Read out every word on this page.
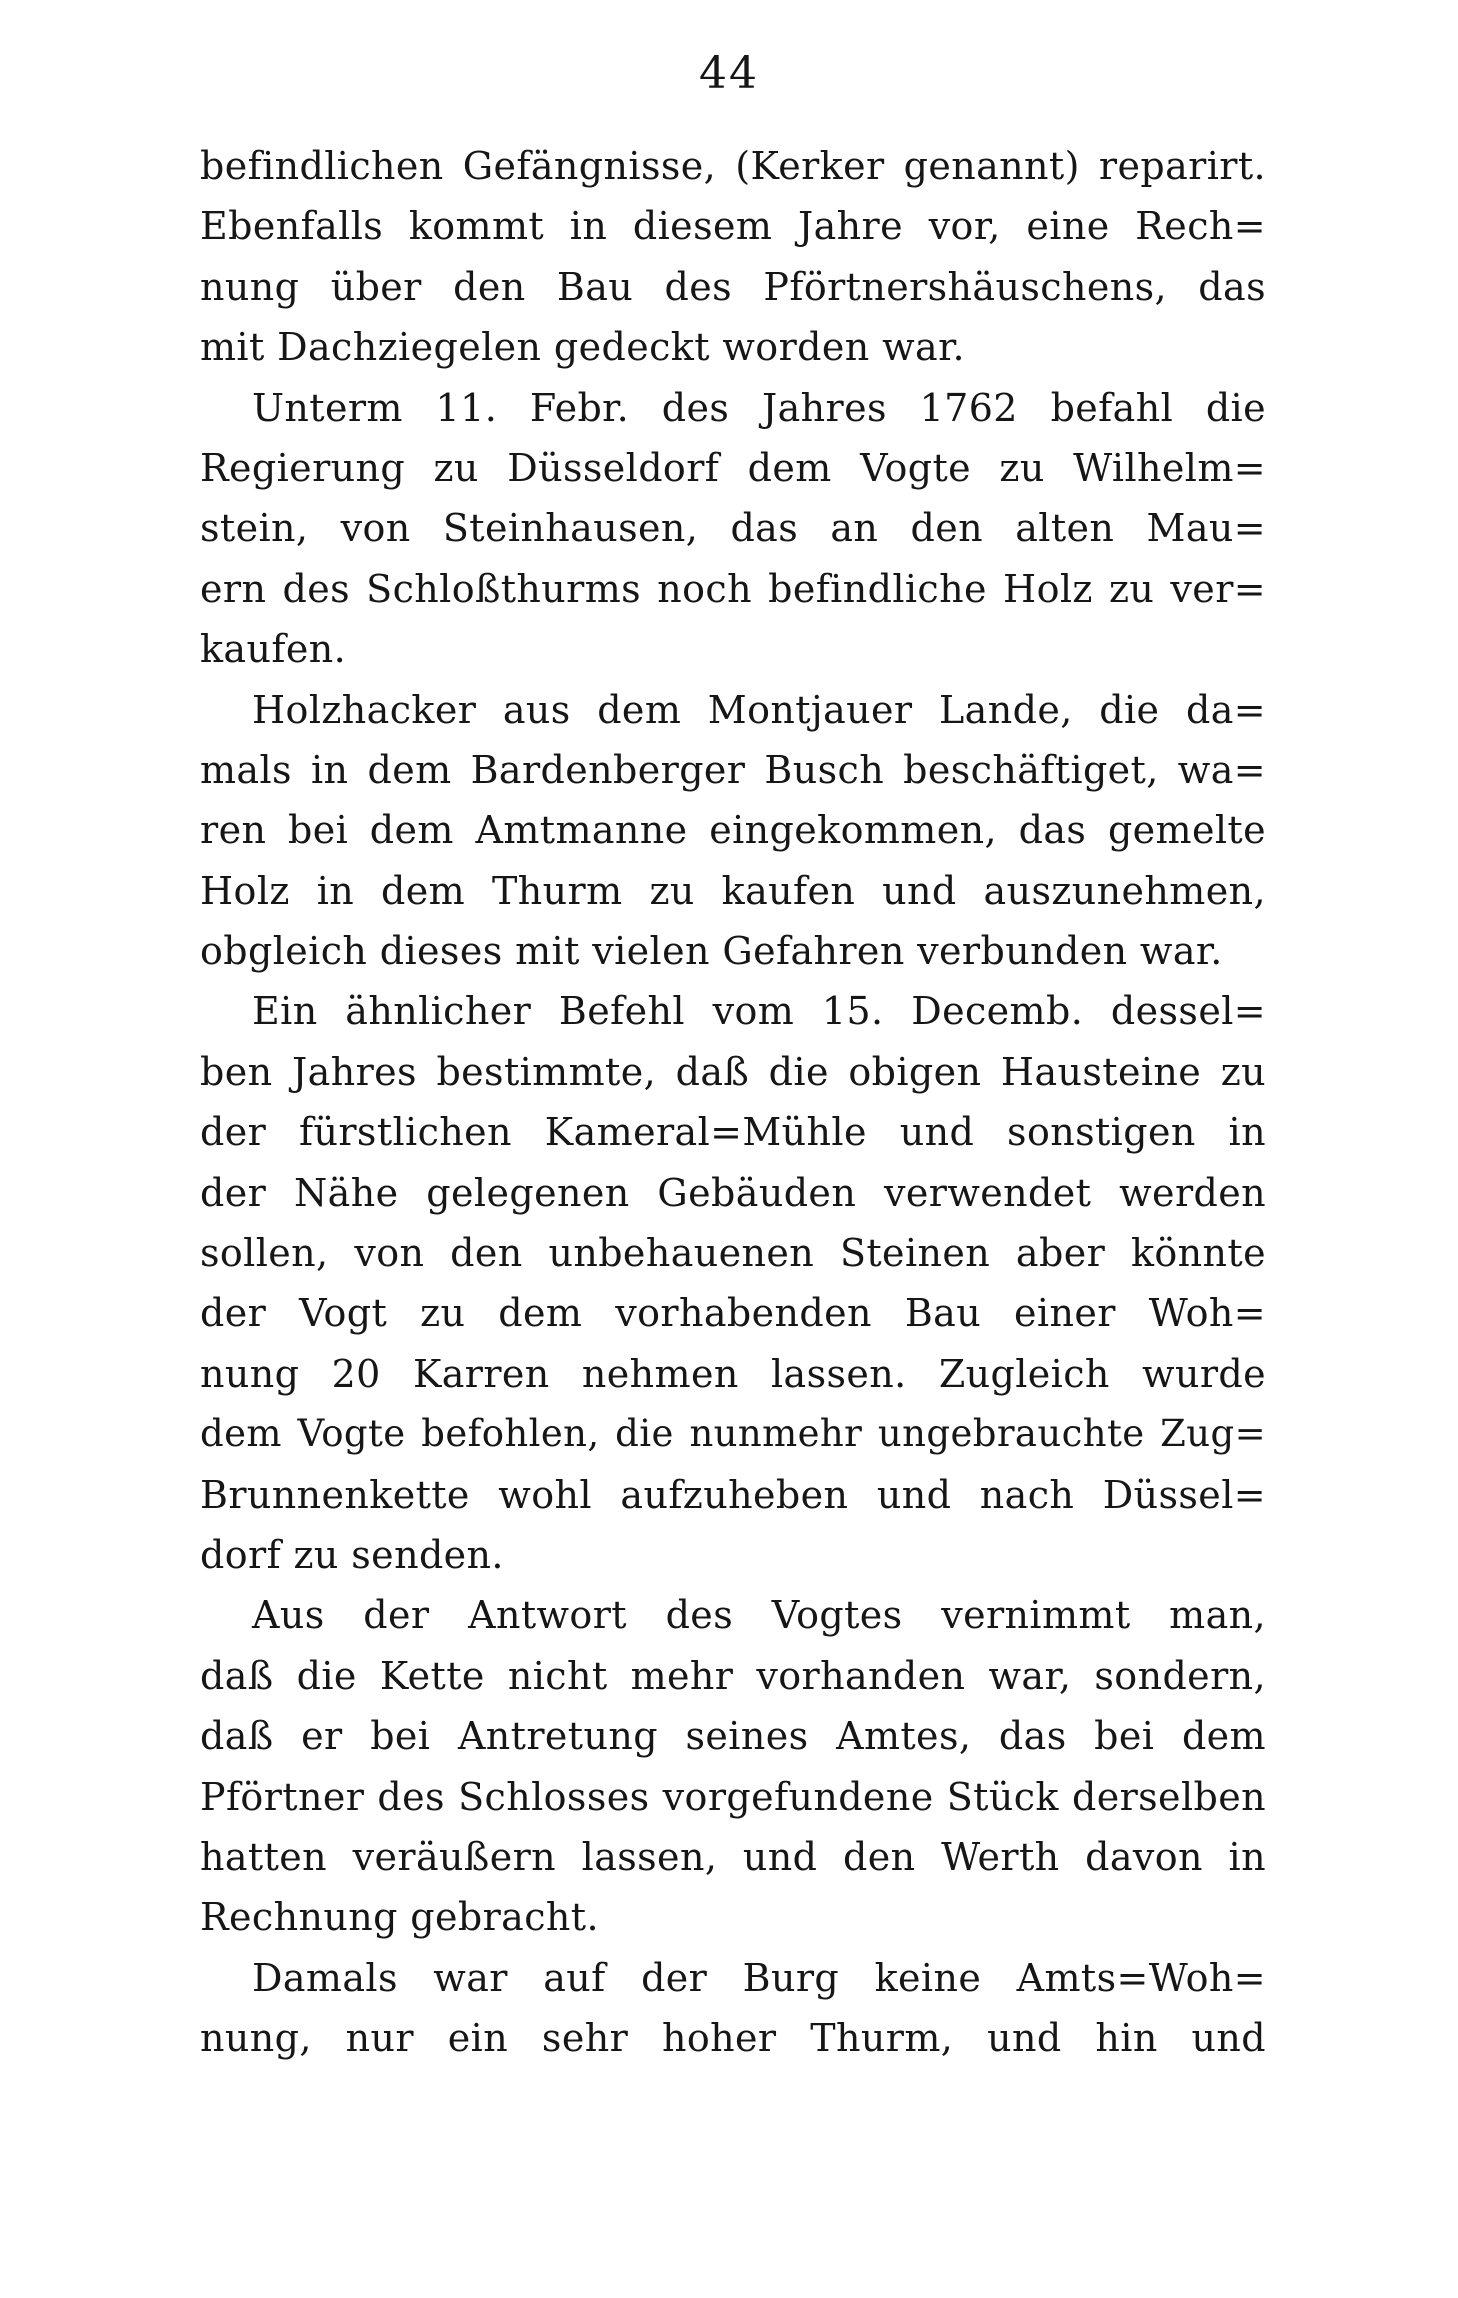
44
befindlichen Gefängnisse, (Kerker genannt) reparirt.
Ebenfalls kommt in diesem Jahre vor, eine Rech=
nung über den Bau des Pförtnershäuschens, das
mit Dachziegelen gedeckt worden war.
Unterm 11. Febr. des Jahres 1762 befahl die
Regierung zu Düsseldorf dem Vogte zu Wilhelm=
stein, von Steinhausen, das an den alten Mau=
ern des Schloßthurms noch befindliche Holz zu ver=
kaufen.
Holzhacker aus dem Montjauer Lande, die da=
mals in dem Bardenberger Busch beschäftiget, wa=
ren bei dem Amtmanne eingekommen, das gemelte
Holz in dem Thurm zu kaufen und auszunehmen,
obgleich dieses mit vielen Gefahren verbunden war.
Ein ähnlicher Befehl vom 15. Decemb. dessel=
ben Jahres bestimmte, daß die obigen Hausteine zu
der fürstlichen Kameral=Mühle und sonstigen in
der Nähe gelegenen Gebäuden verwendet werden
sollen, von den unbehauenen Steinen aber könnte
der Vogt zu dem vorhabenden Bau einer Woh=
nung 20 Karren nehmen lassen. Zugleich wurde
dem Vogte befohlen, die nunmehr ungebrauchte Zug=
Brunnenkette wohl aufzuheben und nach Düssel=
dorf zu senden.
Aus der Antwort des Vogtes vernimmt man,
daß die Kette nicht mehr vorhanden war, sondern,
daß er bei Antretung seines Amtes, das bei dem
Pförtner des Schlosses vorgefundene Stück derselben
hatten veräußern lassen, und den Werth davon in
Rechnung gebracht.
Damals war auf der Burg keine Amts=Woh=
nung, nur ein sehr hoher Thurm, und hin und
